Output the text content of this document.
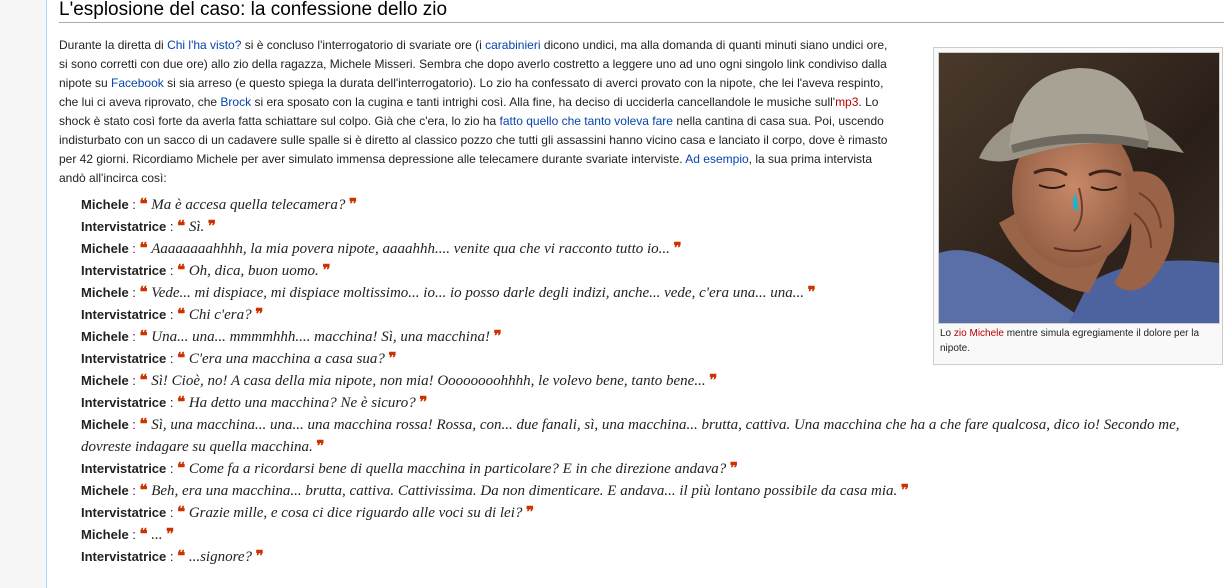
L'esplosione del caso: la confessione dello zio

Durante la diretta di Chi l'ha visto? si è concluso l'interrogatorio di svariate ore (i carabinieri dicono undici, ma alla domanda di quanti minuti siano undici ore, si sono corretti con due ore) allo zio della ragazza, Michele Misseri. Sembra che dopo averlo costretto a leggere uno ad uno ogni singolo link condiviso dalla nipote su Facebook si sia arreso (e questo spiega la durata dell'interrogatorio). Lo zio ha confessato di averci provato con la nipote, che lei l'aveva respinto, che lui ci aveva riprovato, che Brock si era sposato con la cugina e tanti intrighi così. Alla fine, ha deciso di ucciderla cancellandole le musiche sull'mp3. Lo shock è stato così forte da averla fatta schiattare sul colpo. Già che c'era, lo zio ha fatto quello che tanto voleva fare nella cantina di casa sua. Poi, uscendo indisturbato con un sacco di un cadavere sulle spalle si è diretto al classico pozzo che tutti gli assassini hanno vicino casa e lanciato il corpo, dove è rimasto per 42 giorni. Ricordiamo Michele per aver simulato immensa depressione alle telecamere durante svariate interviste. Ad esempio, la sua prima intervista andò all'incirca così:

Michele : ❝ Ma è accesa quella telecamera? ❞
Intervistatrice : ❝ Sì. ❞
Michele : ❝ Aaaaaaaahhhh, la mia povera nipote, aaaahhh.... venite qua che vi racconto tutto io... ❞
Intervistatrice : ❝ Oh, dica, buon uomo. ❞
Michele : ❝ Vede... mi dispiace, mi dispiace moltissimo... io... io posso darle degli indizi, anche... vede, c'era una... una... ❞
Intervistatrice : ❝ Chi c'era? ❞
Michele : ❝ Una... una... mmmmhhh.... macchina! Sì, una macchina! ❞
Intervistatrice : ❝ C'era una macchina a casa sua? ❞
Michele : ❝ Sì! Cioè, no! A casa della mia nipote, non mia! Oooooooohhhh, le volevo bene, tanto bene... ❞
Intervistatrice : ❝ Ha detto una macchina? Ne è sicuro? ❞
Michele : ❝ Sì, una macchina... una... una macchina rossa! Rossa, con... due fanali, sì, una macchina... brutta, cattiva. Una macchina che ha a che fare qualcosa, dico io! Secondo me, dovreste indagare su quella macchina. ❞
Intervistatrice : ❝ Come fa a ricordarsi bene di quella macchina in particolare? E in che direzione andava? ❞
Michele : ❝ Beh, era una macchina... brutta, cattiva. Cattivissima. Da non dimenticare. E andava... il più lontano possibile da casa mia. ❞
Intervistatrice : ❝ Grazie mille, e cosa ci dice riguardo alle voci su di lei? ❞
Michele : ❝ ... ❞
Intervistatrice : ❝ ...signore? ❞
Lo zio Michele mentre simula egregiamente il dolore per la nipote.
